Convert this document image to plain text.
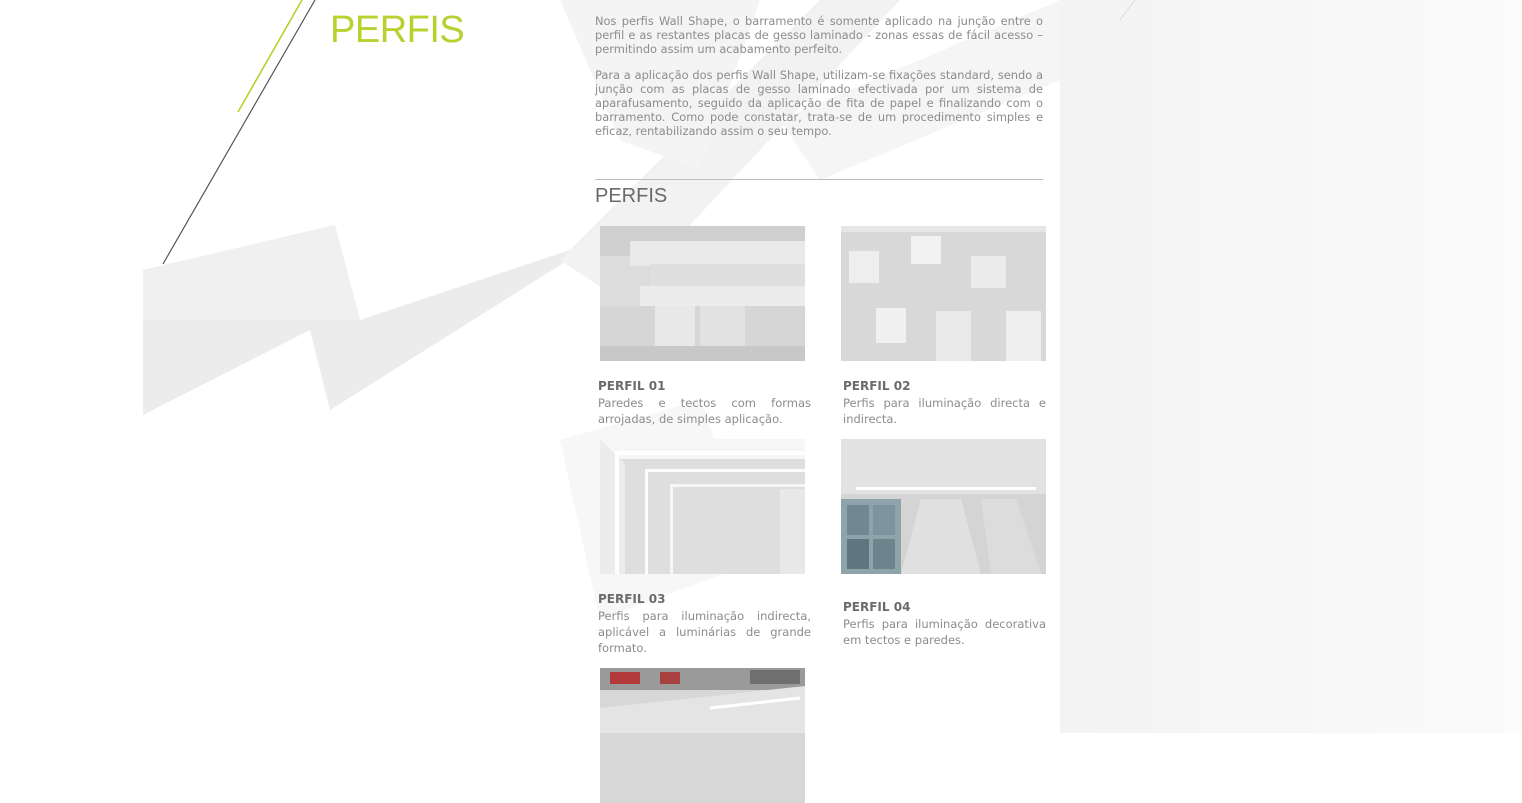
PERFIS	Nos perfis Wall Shape, o barramento é somente aplicado na junção entre o perfil e as restantes placas de gesso laminado - zonas essas de fácil acesso – permitindo assim um acabamento perfeito.

Para a aplicação dos perfis Wall Shape, utilizam-se fixações standard, sendo a junção com as placas de gesso laminado efectivada por um sistema de aparafusamento, seguido da aplicação de fita de papel e finalizando com o barramento. Como pode constatar, trata-se de um procedimento simples e eficaz, rentabilizando assim o seu tempo.

PERFIS
PERFIL 01
Paredes e tectos com formas arrojadas, de simples aplicação.
PERFIL 02
Perfis para iluminação directa e indirecta.
PERFIL 03
Perfis para iluminação indirecta, aplicável a luminárias de grande formato.
PERFIL 04
Perfis para iluminação decorativa em tectos e paredes.
